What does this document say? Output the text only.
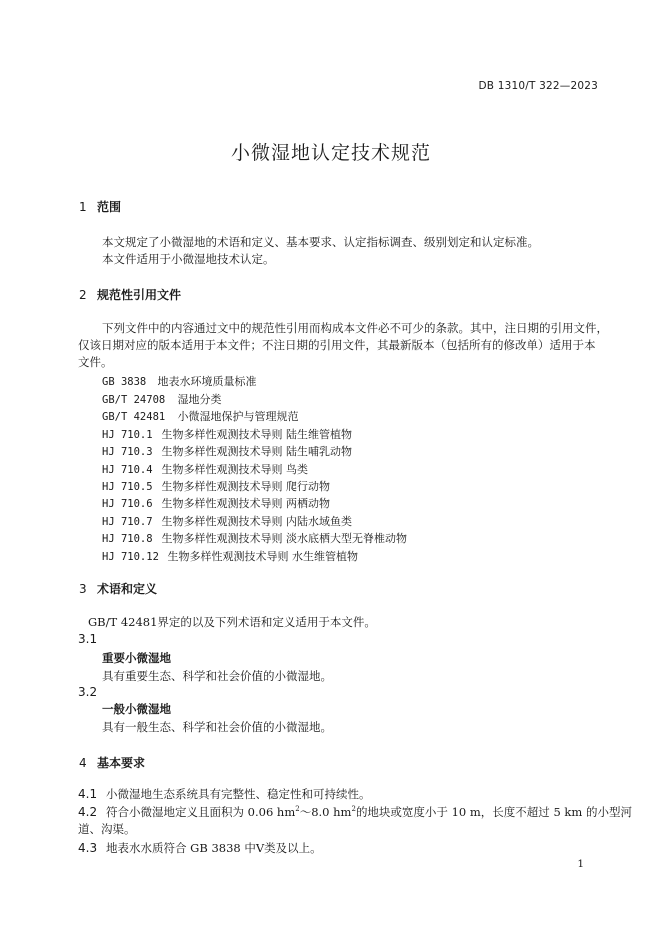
DB 1310/T 322—2023
小微湿地认定技术规范
1 范围
本文规定了小微湿地的术语和定义、基本要求、认定指标调查、级别划定和认定标准。
本文件适用于小微湿地技术认定。
2 规范性引用文件
下列文件中的内容通过文中的规范性引用而构成本文件必不可少的条款。其中，注日期的引用文件，
仅该日期对应的版本适用于本文件；不注日期的引用文件，其最新版本（包括所有的修改单）适用于本
文件。
GB 3838 地表水环境质量标准
GB/T 24708 湿地分类
GB/T 42481 小微湿地保护与管理规范
HJ 710.1 生物多样性观测技术导则 陆生维管植物
HJ 710.3 生物多样性观测技术导则 陆生哺乳动物
HJ 710.4 生物多样性观测技术导则 鸟类
HJ 710.5 生物多样性观测技术导则 爬行动物
HJ 710.6 生物多样性观测技术导则 两栖动物
HJ 710.7 生物多样性观测技术导则 内陆水域鱼类
HJ 710.8 生物多样性观测技术导则 淡水底栖大型无脊椎动物
HJ 710.12 生物多样性观测技术导则 水生维管植物
3 术语和定义
GB/T 42481界定的以及下列术语和定义适用于本文件。
3.1
重要小微湿地
具有重要生态、科学和社会价值的小微湿地。
3.2
一般小微湿地
具有一般生态、科学和社会价值的小微湿地。
4 基本要求
4.1 小微湿地生态系统具有完整性、稳定性和可持续性。
4.2 符合小微湿地定义且面积为 0.06 $hm^2\sim 8.0$ $hm^2$的地块或宽度小于 10 m，长度不超过 5 km 的小型河
道、沟渠。
4.3 地表水水质符合 GB 3838 中Ⅴ类及以上。
1
